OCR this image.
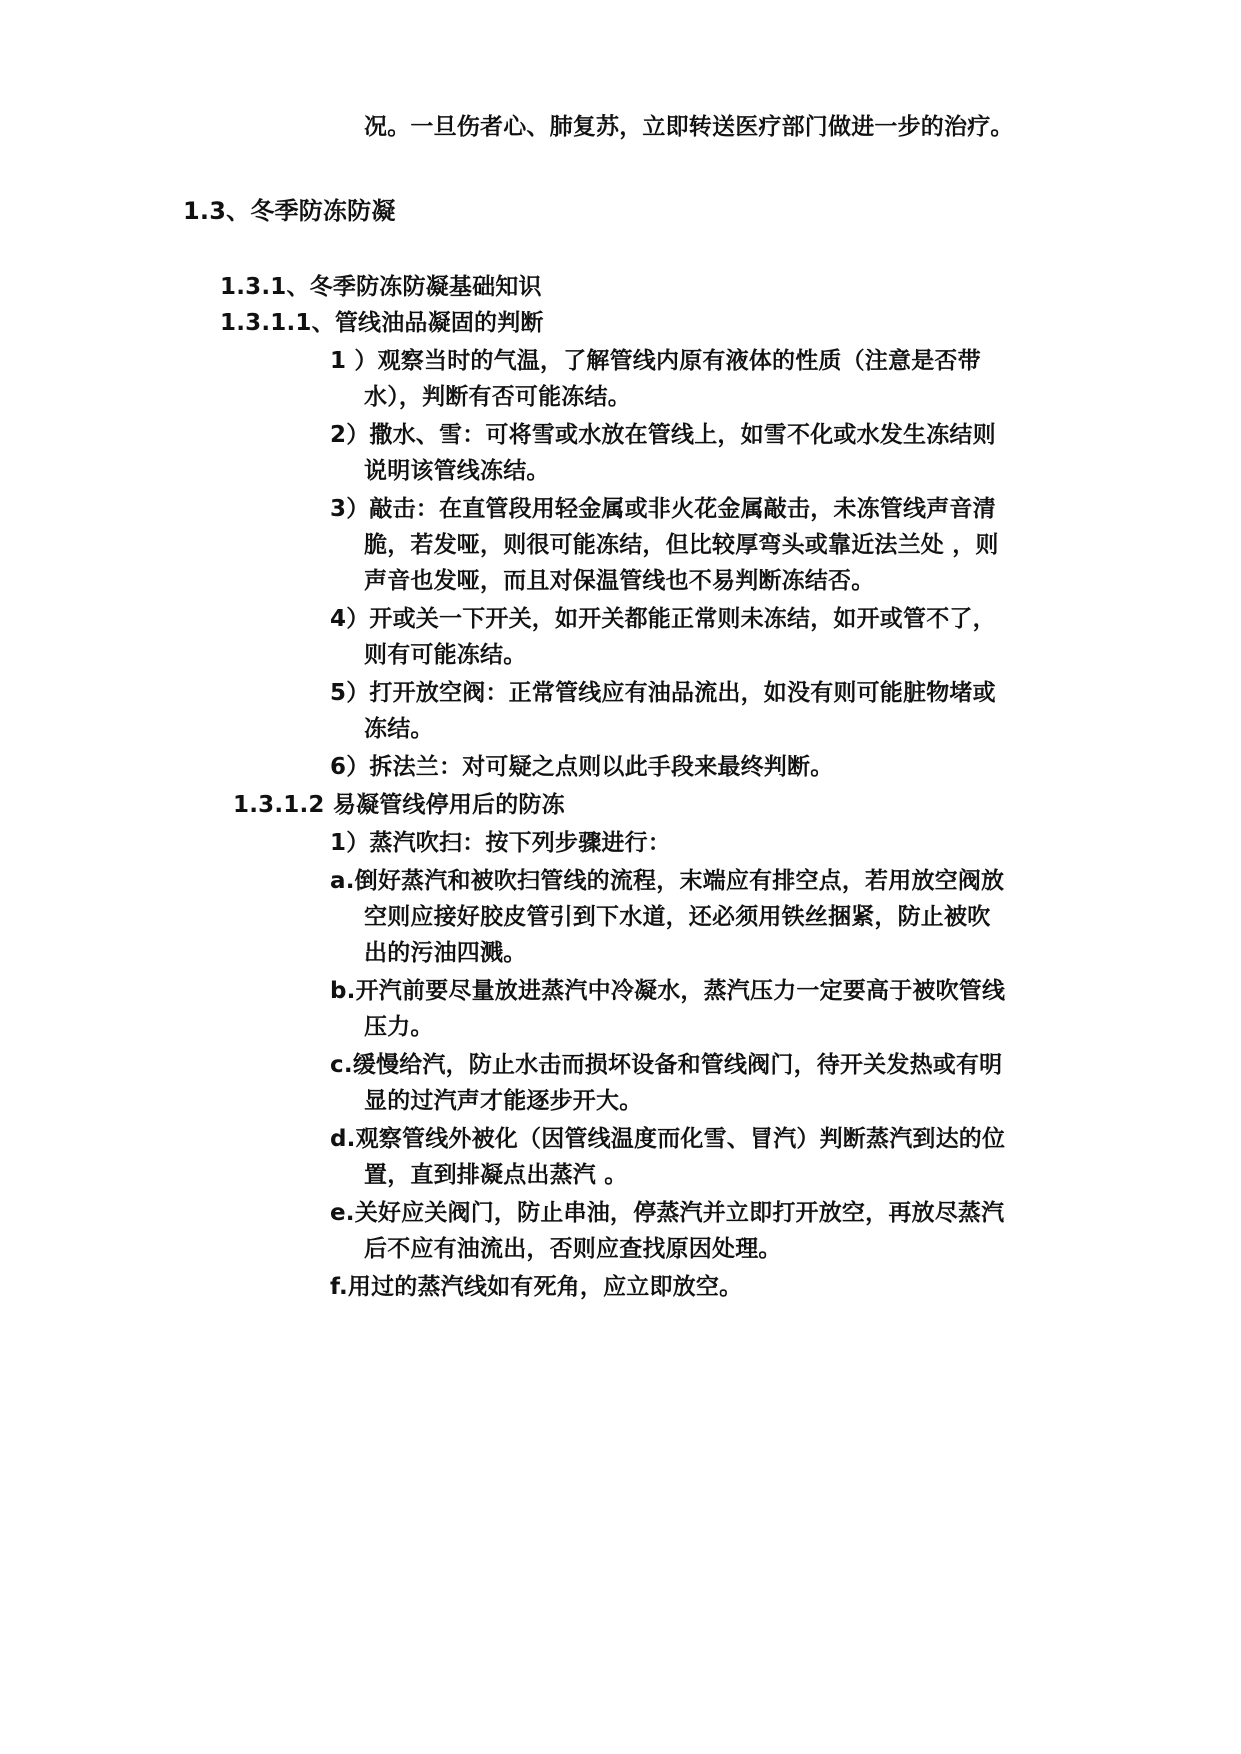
况。一旦伤者心、肺复苏，立即转送医疗部门做进一步的治疗。
1.3、冬季防冻防凝
1.3.1、冬季防冻防凝基础知识
1.3.1.1、管线油品凝固的判断
1 ）观察当时的气温，了解管线内原有液体的性质（注意是否带
水），判断有否可能冻结。
2）撒水、雪：可将雪或水放在管线上，如雪不化或水发生冻结则
说明该管线冻结。
3）敲击：在直管段用轻金属或非火花金属敲击，未冻管线声音清
脆，若发哑，则很可能冻结，但比较厚弯头或靠近法兰处 ，则
声音也发哑，而且对保温管线也不易判断冻结否。
4）开或关一下开关，如开关都能正常则未冻结，如开或管不了，
则有可能冻结。
5）打开放空阀：正常管线应有油品流出，如没有则可能脏物堵或
冻结。
6）拆法兰：对可疑之点则以此手段来最终判断。
1.3.1.2 易凝管线停用后的防冻
1）蒸汽吹扫：按下列步骤进行：
a.倒好蒸汽和被吹扫管线的流程，末端应有排空点，若用放空阀放
空则应接好胶皮管引到下水道，还必须用铁丝捆紧，防止被吹
出的污油四溅。
b.开汽前要尽量放进蒸汽中冷凝水，蒸汽压力一定要高于被吹管线
压力。
c.缓慢给汽，防止水击而损坏设备和管线阀门，待开关发热或有明
显的过汽声才能逐步开大。
d.观察管线外被化（因管线温度而化雪、冒汽）判断蒸汽到达的位
置，直到排凝点出蒸汽 。
e.关好应关阀门，防止串油，停蒸汽并立即打开放空，再放尽蒸汽
后不应有油流出，否则应查找原因处理。
f.用过的蒸汽线如有死角，应立即放空。
